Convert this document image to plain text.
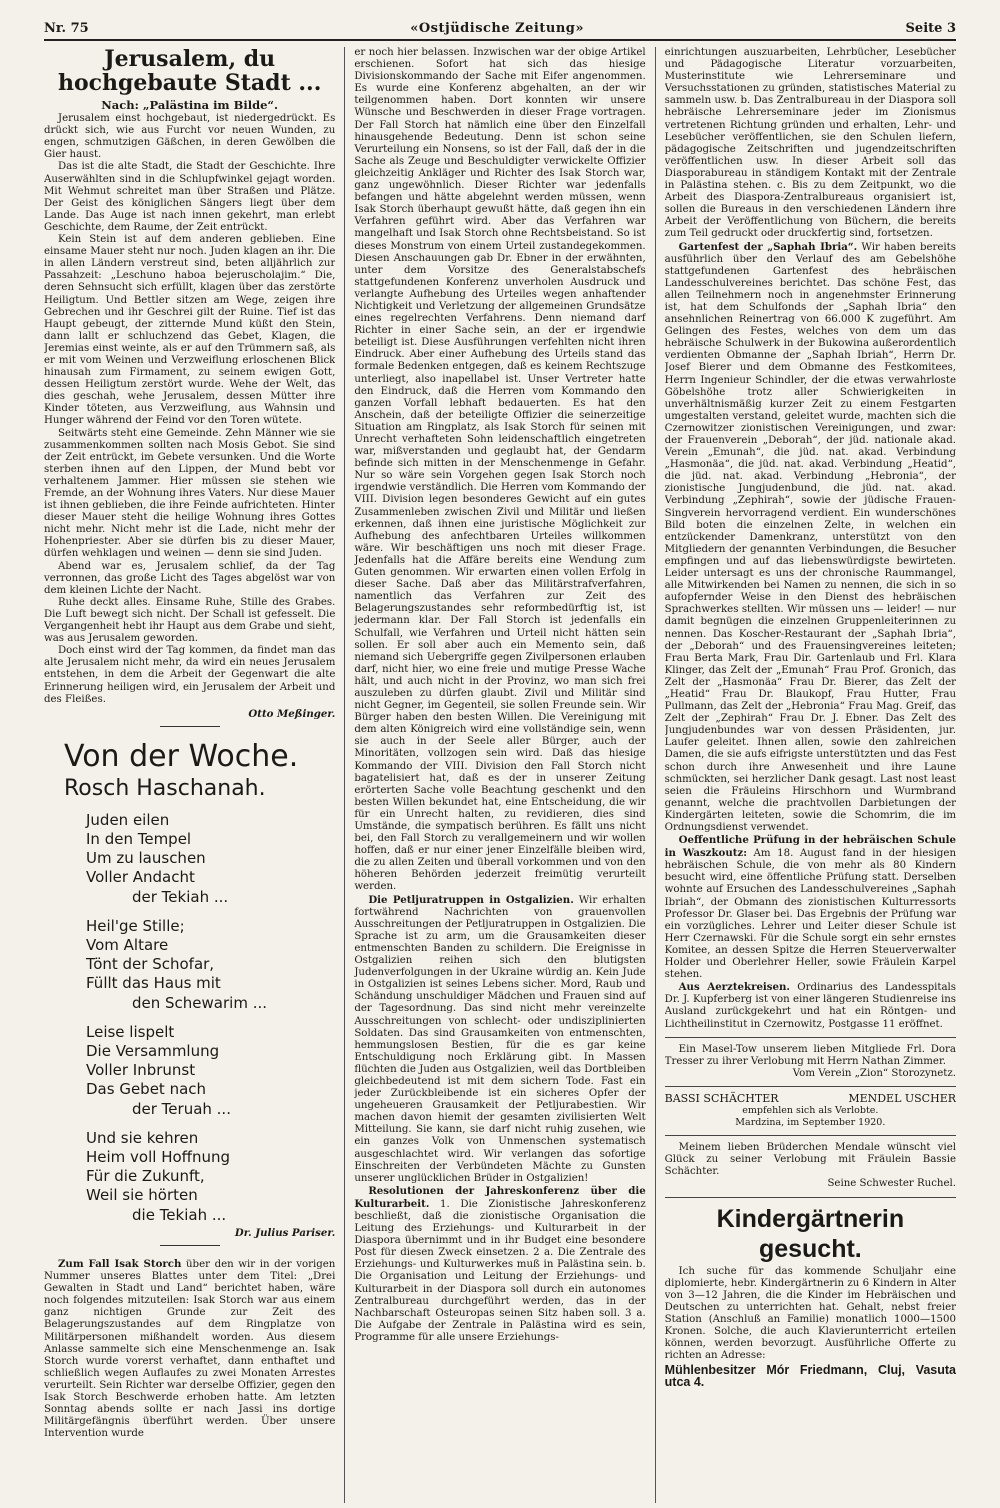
Nr. 75	«Ostjüdische Zeitung»	Seite 3
Jerusalem, du hochgebaute Stadt ...
Nach: „Palästina im Bilde“.

Jerusalem einst hochgebaut, ist niedergedrückt. Es drückt sich, wie aus Furcht vor neuen Wunden, zu engen, schmutzigen Gäßchen, in deren Gewölben die Gier haust.

Das ist die alte Stadt, die Stadt der Geschichte. Ihre Auserwählten sind in die Schlupfwinkel gejagt worden. Mit Wehmut schreitet man über Straßen und Plätze. Der Geist des königlichen Sängers liegt über dem Lande. Das Auge ist nach innen gekehrt, man erlebt Geschichte, dem Raume, der Zeit entrückt.

Kein Stein ist auf dem anderen geblieben. Eine einsame Mauer steht nur noch. Juden klagen an ihr. Die in allen Ländern verstreut sind, beten alljährlich zur Passahzeit: „Leschuno haboa bejeruscholajim.“ Die, deren Sehnsucht sich erfüllt, klagen über das zerstörte Heiligtum. Und Bettler sitzen am Wege, zeigen ihre Gebrechen und ihr Geschrei gilt der Ruine. Tief ist das Haupt gebeugt, der zitternde Mund küßt den Stein, dann lallt er schluchzend das Gebet, Klagen, die Jeremias einst weinte, als er auf den Trümmern saß, als er mit vom Weinen und Verzweiflung erloschenen Blick hinausah zum Firmament, zu seinem ewigen Gott, dessen Heiligtum zerstört wurde. Wehe der Welt, das dies geschah, wehe Jerusalem, dessen Mütter ihre Kinder töteten, aus Verzweiflung, aus Wahnsin und Hunger während der Feind vor den Toren wütete.

Seitwärts steht eine Gemeinde. Zehn Männer wie sie zusammenkommen sollten nach Mosis Gebot. Sie sind der Zeit entrückt, im Gebete versunken. Und die Worte sterben ihnen auf den Lippen, der Mund bebt vor verhaltenem Jammer. Hier müssen sie stehen wie Fremde, an der Wohnung ihres Vaters. Nur diese Mauer ist ihnen geblieben, die ihre Feinde aufrichteten. Hinter dieser Mauer steht die heilige Wohnung ihres Gottes nicht mehr. Nicht mehr ist die Lade, nicht mehr der Hohenpriester. Aber sie dürfen bis zu dieser Mauer, dürfen wehklagen und weinen — denn sie sind Juden.

Abend war es, Jerusalem schlief, da der Tag verronnen, das große Licht des Tages abgelöst war von dem kleinen Lichte der Nacht.

Ruhe deckt alles. Einsame Ruhe, Stille des Grabes. Die Luft bewegt sich nicht. Der Schall ist gefesselt. Die Vergangenheit hebt ihr Haupt aus dem Grabe und sieht, was aus Jerusalem geworden.

Doch einst wird der Tag kommen, da findet man das alte Jerusalem nicht mehr, da wird ein neues Jerusalem entstehen, in dem die Arbeit der Gegenwart die alte Erinnerung heiligen wird, ein Jerusalem der Arbeit und des Fleißes.

Otto Meßinger.
Von der Woche.
Rosch Haschanah.
Juden eilen
In den Tempel
Um zu lauschen
Voller Andacht
der Tekiah ...
Heil'ge Stille;
Vom Altare
Tönt der Schofar,
Füllt das Haus mit
den Schewarim ...
Leise lispelt
Die Versammlung
Voller Inbrunst
Das Gebet nach
der Teruah ...
Und sie kehren
Heim voll Hoffnung
Für die Zukunft,
Weil sie hörten
die Tekiah ...
Dr. Julius Pariser.

Zum Fall Isak Storch über den wir in der vorigen Nummer unseres Blattes unter dem Titel: „Drei Gewalten in Stadt und Land“ berichtet haben, wäre noch folgendes mitzuteilen: Isak Storch war aus einem ganz nichtigen Grunde zur Zeit des Belagerungszustandes auf dem Ringplatze von Militärpersonen mißhandelt worden. Aus diesem Anlasse sammelte sich eine Menschenmenge an. Isak Storch wurde vorerst verhaftet, dann enthaftet und schließlich wegen Auflaufes zu zwei Monaten Arrestes verurteilt. Sein Richter war derselbe Offizier, gegen den Isak Storch Beschwerde erhoben hatte. Am letzten Sonntag abends sollte er nach Jassi ins dortige Militärgefängnis überführt werden. Über unsere Intervention wurde

er noch hier belassen. Inzwischen war der obige Artikel erschienen. Sofort hat sich das hiesige Divisionskommando der Sache mit Eifer angenommen. Es wurde eine Konferenz abgehalten, an der wir teilgenommen haben. Dort konnten wir unsere Wünsche und Beschwerden in dieser Frage vortragen. Der Fall Storch hat nämlich eine über den Einzelfall hinausgehende Bedeutung. Denn ist schon seine Verurteilung ein Nonsens, so ist der Fall, daß der in die Sache als Zeuge und Beschuldigter verwickelte Offizier gleichzeitig Ankläger und Richter des Isak Storch war, ganz ungewöhnlich. Dieser Richter war jedenfalls befangen und hätte abgelehnt werden müssen, wenn Isak Storch überhaupt gewußt hätte, daß gegen ihn ein Verfahren geführt wird. Aber das Verfahren war mangelhaft und Isak Storch ohne Rechtsbeistand. So ist dieses Monstrum von einem Urteil zustandegekommen. Diesen Anschauungen gab Dr. Ebner in der erwähnten, unter dem Vorsitze des Generalstabschefs stattgefundenen Konferenz unverholen Ausdruck und verlangte Aufhebung des Urteiles wegen anhaftender Nichtigkeit und Verletzung der allgemeinen Grundsätze eines regelrechten Verfahrens. Denn niemand darf Richter in einer Sache sein, an der er irgendwie beteiligt ist. Diese Ausführungen verfehlten nicht ihren Eindruck. Aber einer Aufhebung des Urteils stand das formale Bedenken entgegen, daß es keinem Rechtszuge unterliegt, also inapellabel ist. Unser Vertreter hatte den Eindruck, daß die Herren vom Kommando den ganzen Vorfall lebhaft bedauerten. Es hat den Anschein, daß der beteiligte Offizier die seinerzeitige Situation am Ringplatz, als Isak Storch für seinen mit Unrecht verhafteten Sohn leidenschaftlich eingetreten war, mißverstanden und geglaubt hat, der Gendarm befinde sich mitten in der Menschenmenge in Gefahr. Nur so wäre sein Vorgehen gegen Isak Storch noch irgendwie verständlich. Die Herren vom Kommando der VIII. Division legen besonderes Gewicht auf ein gutes Zusammenleben zwischen Zivil und Militär und ließen erkennen, daß ihnen eine juristische Möglichkeit zur Aufhebung des anfechtbaren Urteiles willkommen wäre. Wir beschäftigen uns noch mit dieser Frage. Jedenfalls hat die Affäre bereits eine Wendung zum Guten genommen. Wir erwarten einen vollen Erfolg in dieser Sache. Daß aber das Militärstrafverfahren, namentlich das Verfahren zur Zeit des Belagerungszustandes sehr reformbedürftig ist, ist jedermann klar. Der Fall Storch ist jedenfalls ein Schulfall, wie Verfahren und Urteil nicht hätten sein sollen. Er soll aber auch ein Memento sein, daß niemand sich Uebergriffe gegen Zivilpersonen erlauben darf, nicht hier, wo eine freie und mutige Presse Wache hält, und auch nicht in der Provinz, wo man sich frei auszuleben zu dürfen glaubt. Zivil und Militär sind nicht Gegner, im Gegenteil, sie sollen Freunde sein. Wir Bürger haben den besten Willen. Die Vereinigung mit dem alten Königreich wird eine vollständige sein, wenn sie auch in der Seele aller Bürger, auch der Minoritäten, vollzogen sein wird. Daß das hiesige Kommando der VIII. Division den Fall Storch nicht bagatelisiert hat, daß es der in unserer Zeitung erörterten Sache volle Beachtung geschenkt und den besten Willen bekundet hat, eine Entscheidung, die wir für ein Unrecht halten, zu revidieren, dies sind Umstände, die sympatisch berühren. Es fällt uns nicht bei, den Fall Storch zu verallgemeinern und wir wollen hoffen, daß er nur einer jener Einzelfälle bleiben wird, die zu allen Zeiten und überall vorkommen und von den höheren Behörden jederzeit freimütig verurteilt werden.

Die Petljuratruppen in Ostgalizien. Wir erhalten fortwährend Nachrichten von grauenvollen Ausschreitungen der Petljuratruppen in Ostgalizien. Die Sprache ist zu arm, um die Grausamkeiten dieser entmenschten Banden zu schildern. Die Ereignisse in Ostgalizien reihen sich den blutigsten Judenverfolgungen in der Ukraine würdig an. Kein Jude in Ostgalizien ist seines Lebens sicher. Mord, Raub und Schändung unschuldiger Mädchen und Frauen sind auf der Tagesordnung. Das sind nicht mehr vereinzelte Ausschreitungen von schlecht- oder undisziplinierten Soldaten. Das sind Grausamkeiten von entmenschten, hemmungslosen Bestien, für die es gar keine Entschuldigung noch Erklärung gibt. In Massen flüchten die Juden aus Ostgalizien, weil das Dortbleiben gleichbedeutend ist mit dem sichern Tode. Fast ein jeder Zurückbleibende ist ein sicheres Opfer der ungeheueren Grausamkeit der Petljurabestien. Wir machen davon hiemit der gesamten zivilisierten Welt Mitteilung. Sie kann, sie darf nicht ruhig zusehen, wie ein ganzes Volk von Unmenschen systematisch ausgeschlachtet wird. Wir verlangen das sofortige Einschreiten der Verbündeten Mächte zu Gunsten unserer unglücklichen Brüder in Ostgalizien!

Resolutionen der Jahreskonferenz über die Kulturarbeit. 1. Die Zionistische Jahreskonferenz beschließt, daß die zionistische Organisation die Leitung des Erziehungs- und Kulturarbeit in der Diaspora übernimmt und in ihr Budget eine besondere Post für diesen Zweck einsetzen. 2 a. Die Zentrale des Erziehungs- und Kulturwerkes muß in Palästina sein. b. Die Organisation und Leitung der Erziehungs- und Kulturarbeit in der Diaspora soll durch ein autonomes Zentralbureau durchgeführt werden, das in der Nachbarschaft Osteuropas seinen Sitz haben soll. 3 a. Die Aufgabe der Zentrale in Palästina wird es sein, Programme für alle unsere Erziehungs-

einrichtungen auszuarbeiten, Lehrbücher, Lesebücher und Pädagogische Literatur vorzuarbeiten, Musterinstitute wie Lehrerseminare und Versuchsstationen zu gründen, statistisches Material zu sammeln usw. b. Das Zentralbureau in der Diaspora soll hebräische Lehrerseminare jeder im Zionismus vertretenen Richtung gründen und erhalten, Lehr- und Lesebücher veröffentlichen, sie den Schulen liefern, pädagogische Zeitschriften und jugendzeitschriften veröffentlichen usw. In dieser Arbeit soll das Diasporabureau in ständigem Kontakt mit der Zentrale in Palästina stehen. c. Bis zu dem Zeitpunkt, wo die Arbeit des Diaspora-Zentralbureaus organisiert ist, sollen die Bureaus in den verschiedenen Ländern ihre Arbeit der Veröffentlichung von Büchern, die bereits zum Teil gedruckt oder druckfertig sind, fortsetzen.

Gartenfest der „Saphah Ibria“. Wir haben bereits ausführlich über den Verlauf des am Gebelshöhe stattgefundenen Gartenfest des hebräischen Landesschulvereines berichtet. Das schöne Fest, das allen Teilnehmern noch in angenehmster Erinnerung ist, hat dem Schulfonds der „Saphah Ibria“ den ansehnlichen Reinertrag von 66.000 K zugeführt. Am Gelingen des Festes, welches von dem um das hebräische Schulwerk in der Bukowina außerordentlich verdienten Obmanne der „Saphah Ibriah“, Herrn Dr. Josef Bierer und dem Obmanne des Festkomitees, Herrn Ingenieur Schindler, der die etwas verwahrloste Göbelshöhe trotz aller Schwierigkeiten in unverhältnismäßig kurzer Zeit zu einem Festgarten umgestalten verstand, geleitet wurde, machten sich die Czernowitzer zionistischen Vereinigungen, und zwar: der Frauenverein „Deborah“, der jüd. nationale akad. Verein „Emunah“, die jüd. nat. akad. Verbindung „Hasmonäa“, die jüd. nat. akad. Verbindung „Heatid“, die jüd. nat. akad. Verbindung „Hebronia“, der zionistische Jungjudenbund, die jüd. nat. akad. Verbindung „Zephirah“, sowie der jüdische Frauen-Singverein hervorragend verdient. Ein wunderschönes Bild boten die einzelnen Zelte, in welchen ein entzückender Damenkranz, unterstützt von den Mitgliedern der genannten Verbindungen, die Besucher empfingen und auf das liebenswürdigste bewirteten. Leider untersagt es uns der chronische Raummangel, alle Mitwirkenden bei Namen zu nennen, die sich in so aufopfernder Weise in den Dienst des hebräischen Sprachwerkes stellten. Wir müssen uns — leider! — nur damit begnügen die einzelnen Gruppenleiterinnen zu nennen. Das Koscher-Restaurant der „Saphah Ibria“, der „Deborah“ und des Frauensingvereines leiteten; Frau Berta Mark, Frau Dir. Gartenlaub und Frl. Klara Klinger, das Zelt der „Emunah“ Frau Prof. Gronich, das Zelt der „Hasmonäa“ Frau Dr. Bierer, das Zelt der „Heatid“ Frau Dr. Blaukopf, Frau Hutter, Frau Pullmann, das Zelt der „Hebronia“ Frau Mag. Greif, das Zelt der „Zephirah“ Frau Dr. J. Ebner. Das Zelt des Jungjudenbundes war von dessen Präsidenten, jur. Laufer geleitet. Ihnen allen, sowie den zahlreichen Damen, die sie aufs eifrigste unterstützten und das Fest schon durch ihre Anwesenheit und ihre Laune schmückten, sei herzlicher Dank gesagt. Last nost least seien die Fräuleins Hirschhorn und Wurmbrand genannt, welche die prachtvollen Darbietungen der Kindergärten leiteten, sowie die Schomrim, die im Ordnungsdienst verwendet.

Oeffentliche Prüfung in der hebräischen Schule in Waszkoutz: Am 18. August fand in der hiesigen hebräischen Schule, die von mehr als 80 Kindern besucht wird, eine öffentliche Prüfung statt. Derselben wohnte auf Ersuchen des Landesschulvereines „Saphah Ibriah“, der Obmann des zionistischen Kulturressorts Professor Dr. Glaser bei. Das Ergebnis der Prüfung war ein vorzügliches. Lehrer und Leiter dieser Schule ist Herr Czernawski. Für die Schule sorgt ein sehr ernstes Komitee, an dessen Spitze die Herren Steuerverwalter Holder und Oberlehrer Heller, sowie Fräulein Karpel stehen.

Aus Aerztekreisen. Ordinarius des Landesspitals Dr. J. Kupferberg ist von einer längeren Studienreise ins Ausland zurückgekehrt und hat ein Röntgen- und Lichtheilinstitut in Czernowitz, Postgasse 11 eröffnet.

Ein Masel-Tow unserem lieben Mitgliede Frl. Dora Tresser zu ihrer Verlobung mit Herrn Nathan Zimmer.

Vom Verein „Zion“ Storozynetz.
BASSI SCHÄCHTER	MENDEL USCHER
empfehlen sich als Verlobte.
Mardzina, im September 1920.

Meinem lieben Brüderchen Mendale wünscht viel Glück zu seiner Verlobung mit Fräulein Bassie Schächter.

Seine Schwester Ruchel.
Kindergärtnerin gesucht.

Ich suche für das kommende Schuljahr eine diplomierte, hebr. Kindergärtnerin zu 6 Kindern in Alter von 3—12 Jahren, die die Kinder im Hebräischen und Deutschen zu unterrichten hat. Gehalt, nebst freier Station (Anschluß an Familie) monatlich 1000—1500 Kronen. Solche, die auch Klavierunterricht erteilen können, werden bevorzugt. Ausführliche Offerte zu richten an Adresse:

Mühlenbesitzer Mór Friedmann, Cluj, Vasuta utca 4.
